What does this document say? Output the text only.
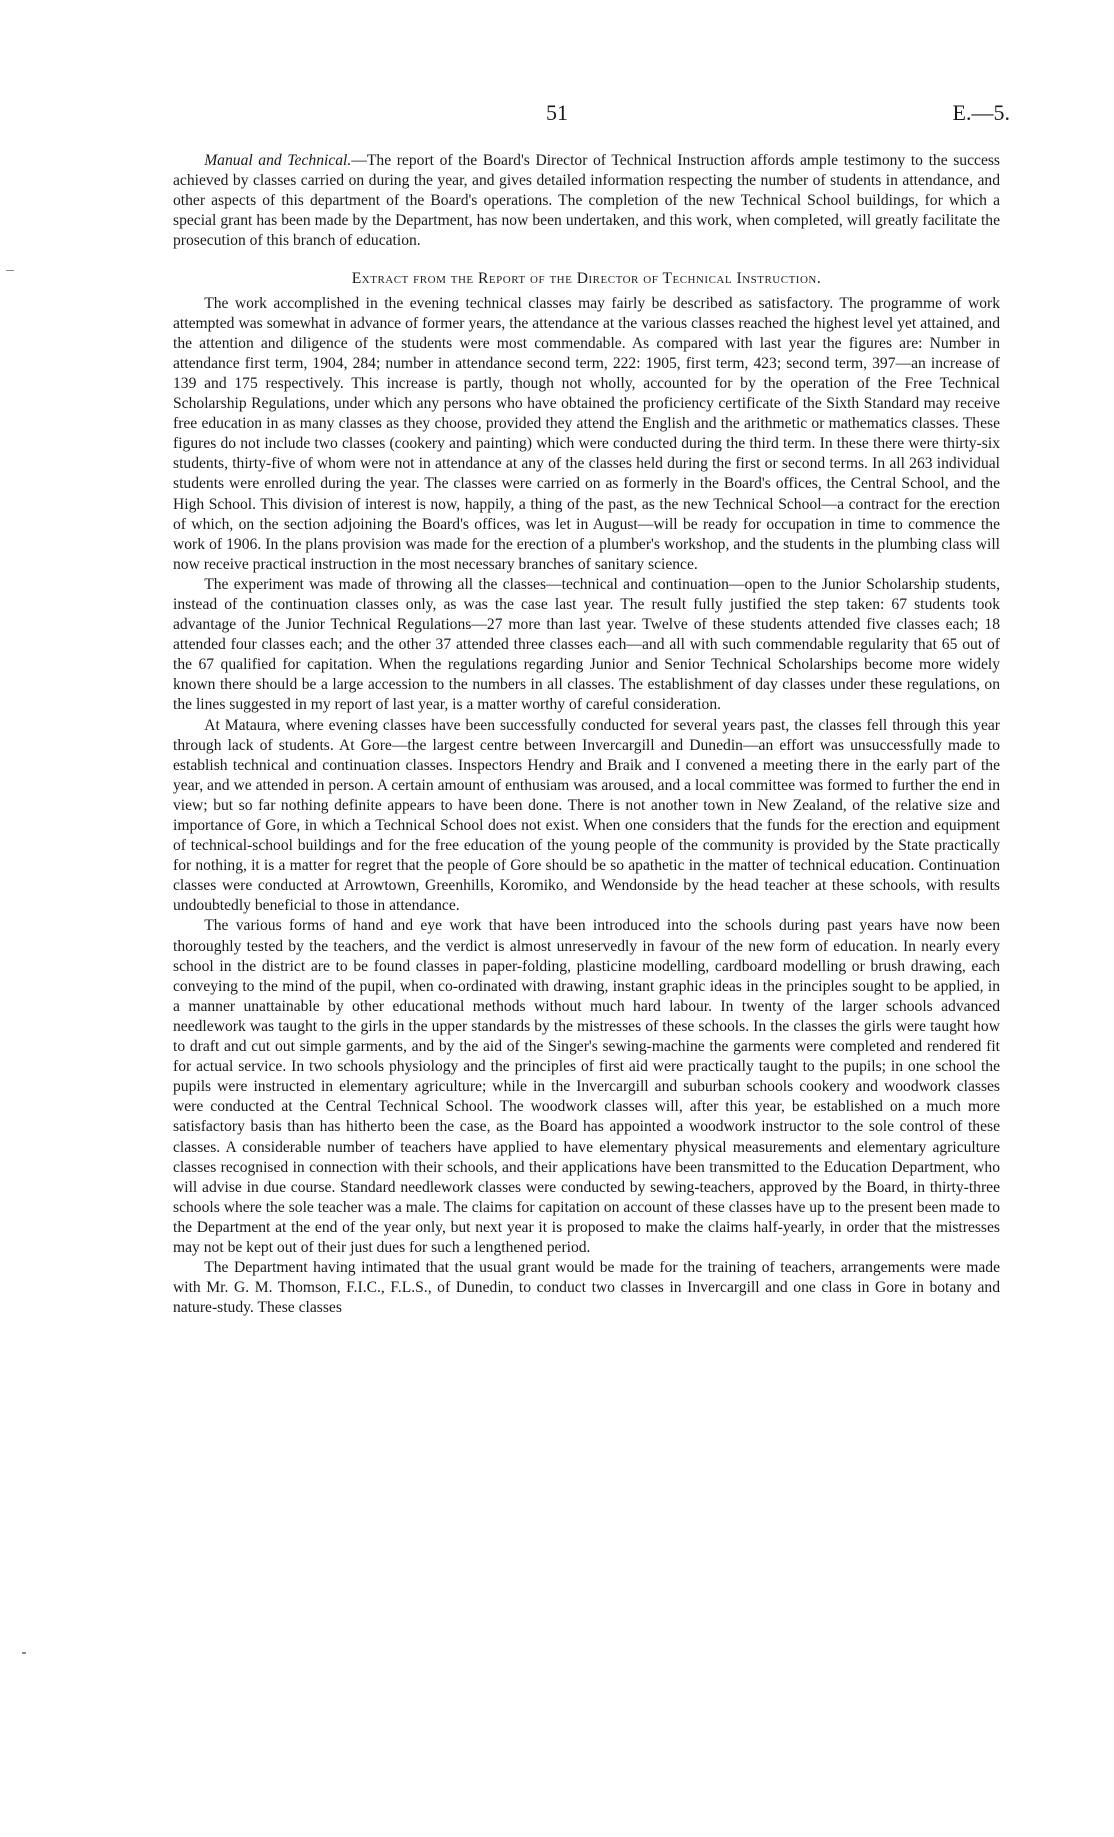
51	E.—5.

Manual and Technical.—The report of the Board's Director of Technical Instruction affords ample testimony to the success achieved by classes carried on during the year, and gives detailed information respecting the number of students in attendance, and other aspects of this department of the Board's operations. The completion of the new Technical School buildings, for which a special grant has been made by the Department, has now been undertaken, and this work, when completed, will greatly facilitate the prosecution of this branch of education.

Extract from the Report of the Director of Technical Instruction.

The work accomplished in the evening technical classes may fairly be described as satisfactory. The programme of work attempted was somewhat in advance of former years, the attendance at the various classes reached the highest level yet attained, and the attention and diligence of the students were most commendable. As compared with last year the figures are: Number in attendance first term, 1904, 284; number in attendance second term, 222: 1905, first term, 423; second term, 397—an increase of 139 and 175 respectively. This increase is partly, though not wholly, accounted for by the operation of the Free Technical Scholarship Regulations, under which any persons who have obtained the proficiency certificate of the Sixth Standard may receive free education in as many classes as they choose, provided they attend the English and the arithmetic or mathematics classes. These figures do not include two classes (cookery and painting) which were conducted during the third term. In these there were thirty-six students, thirty-five of whom were not in attendance at any of the classes held during the first or second terms. In all 263 individual students were enrolled during the year. The classes were carried on as formerly in the Board's offices, the Central School, and the High School. This division of interest is now, happily, a thing of the past, as the new Technical School—a contract for the erection of which, on the section adjoining the Board's offices, was let in August—will be ready for occupation in time to commence the work of 1906. In the plans provision was made for the erection of a plumber's workshop, and the students in the plumbing class will now receive practical instruction in the most necessary branches of sanitary science.

The experiment was made of throwing all the classes—technical and continuation—open to the Junior Scholarship students, instead of the continuation classes only, as was the case last year. The result fully justified the step taken: 67 students took advantage of the Junior Technical Regulations—27 more than last year. Twelve of these students attended five classes each; 18 attended four classes each; and the other 37 attended three classes each—and all with such commendable regularity that 65 out of the 67 qualified for capitation. When the regulations regarding Junior and Senior Technical Scholarships become more widely known there should be a large accession to the numbers in all classes. The establishment of day classes under these regulations, on the lines suggested in my report of last year, is a matter worthy of careful consideration.

At Mataura, where evening classes have been successfully conducted for several years past, the classes fell through this year through lack of students. At Gore—the largest centre between Invercargill and Dunedin—an effort was unsuccessfully made to establish technical and continuation classes. Inspectors Hendry and Braik and I convened a meeting there in the early part of the year, and we attended in person. A certain amount of enthusiam was aroused, and a local committee was formed to further the end in view; but so far nothing definite appears to have been done. There is not another town in New Zealand, of the relative size and importance of Gore, in which a Technical School does not exist. When one considers that the funds for the erection and equipment of technical-school buildings and for the free education of the young people of the community is provided by the State practically for nothing, it is a matter for regret that the people of Gore should be so apathetic in the matter of technical education. Continuation classes were conducted at Arrowtown, Greenhills, Koromiko, and Wendonside by the head teacher at these schools, with results undoubtedly beneficial to those in attendance.

The various forms of hand and eye work that have been introduced into the schools during past years have now been thoroughly tested by the teachers, and the verdict is almost unreservedly in favour of the new form of education. In nearly every school in the district are to be found classes in paper-folding, plasticine modelling, cardboard modelling or brush drawing, each conveying to the mind of the pupil, when co-ordinated with drawing, instant graphic ideas in the principles sought to be applied, in a manner unattainable by other educational methods without much hard labour. In twenty of the larger schools advanced needlework was taught to the girls in the upper standards by the mistresses of these schools. In the classes the girls were taught how to draft and cut out simple garments, and by the aid of the Singer's sewing-machine the garments were completed and rendered fit for actual service. In two schools physiology and the principles of first aid were practically taught to the pupils; in one school the pupils were instructed in elementary agriculture; while in the Invercargill and suburban schools cookery and woodwork classes were conducted at the Central Technical School. The woodwork classes will, after this year, be established on a much more satisfactory basis than has hitherto been the case, as the Board has appointed a woodwork instructor to the sole control of these classes. A considerable number of teachers have applied to have elementary physical measurements and elementary agriculture classes recognised in connection with their schools, and their applications have been transmitted to the Education Department, who will advise in due course. Standard needlework classes were conducted by sewing-teachers, approved by the Board, in thirty-three schools where the sole teacher was a male. The claims for capitation on account of these classes have up to the present been made to the Department at the end of the year only, but next year it is proposed to make the claims half-yearly, in order that the mistresses may not be kept out of their just dues for such a lengthened period.

The Department having intimated that the usual grant would be made for the training of teachers, arrangements were made with Mr. G. M. Thomson, F.I.C., F.L.S., of Dunedin, to conduct two classes in Invercargill and one class in Gore in botany and nature-study. These classes
